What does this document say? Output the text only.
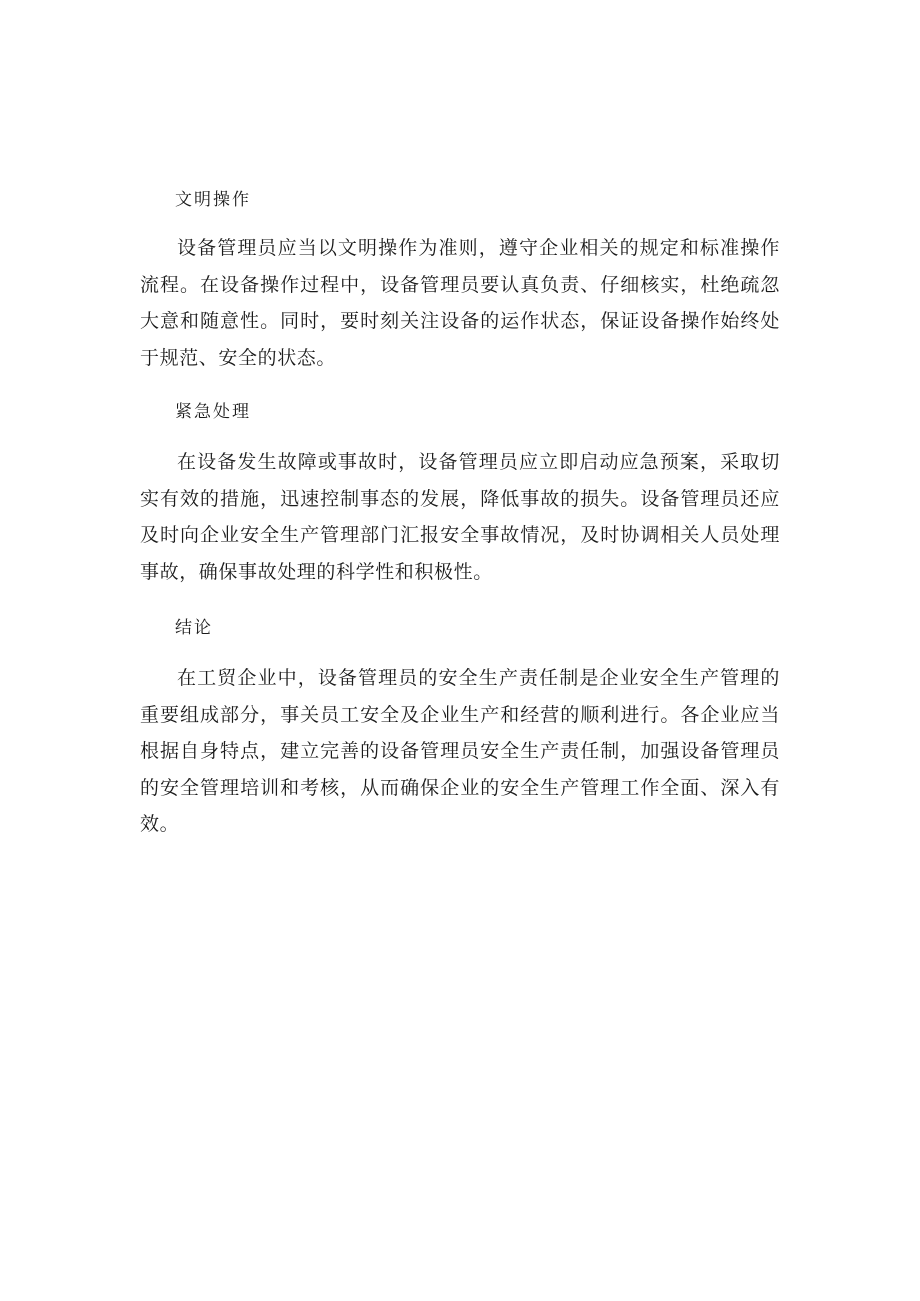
文明操作

设备管理员应当以文明操作为准则，遵守企业相关的规定和标准操作流程。在设备操作过程中，设备管理员要认真负责、仔细核实，杜绝疏忽大意和随意性。同时，要时刻关注设备的运作状态，保证设备操作始终处于规范、安全的状态。

紧急处理

在设备发生故障或事故时，设备管理员应立即启动应急预案，采取切实有效的措施，迅速控制事态的发展，降低事故的损失。设备管理员还应及时向企业安全生产管理部门汇报安全事故情况，及时协调相关人员处理事故，确保事故处理的科学性和积极性。

结论

在工贸企业中，设备管理员的安全生产责任制是企业安全生产管理的重要组成部分，事关员工安全及企业生产和经营的顺利进行。各企业应当根据自身特点，建立完善的设备管理员安全生产责任制，加强设备管理员的安全管理培训和考核，从而确保企业的安全生产管理工作全面、深入有效。
